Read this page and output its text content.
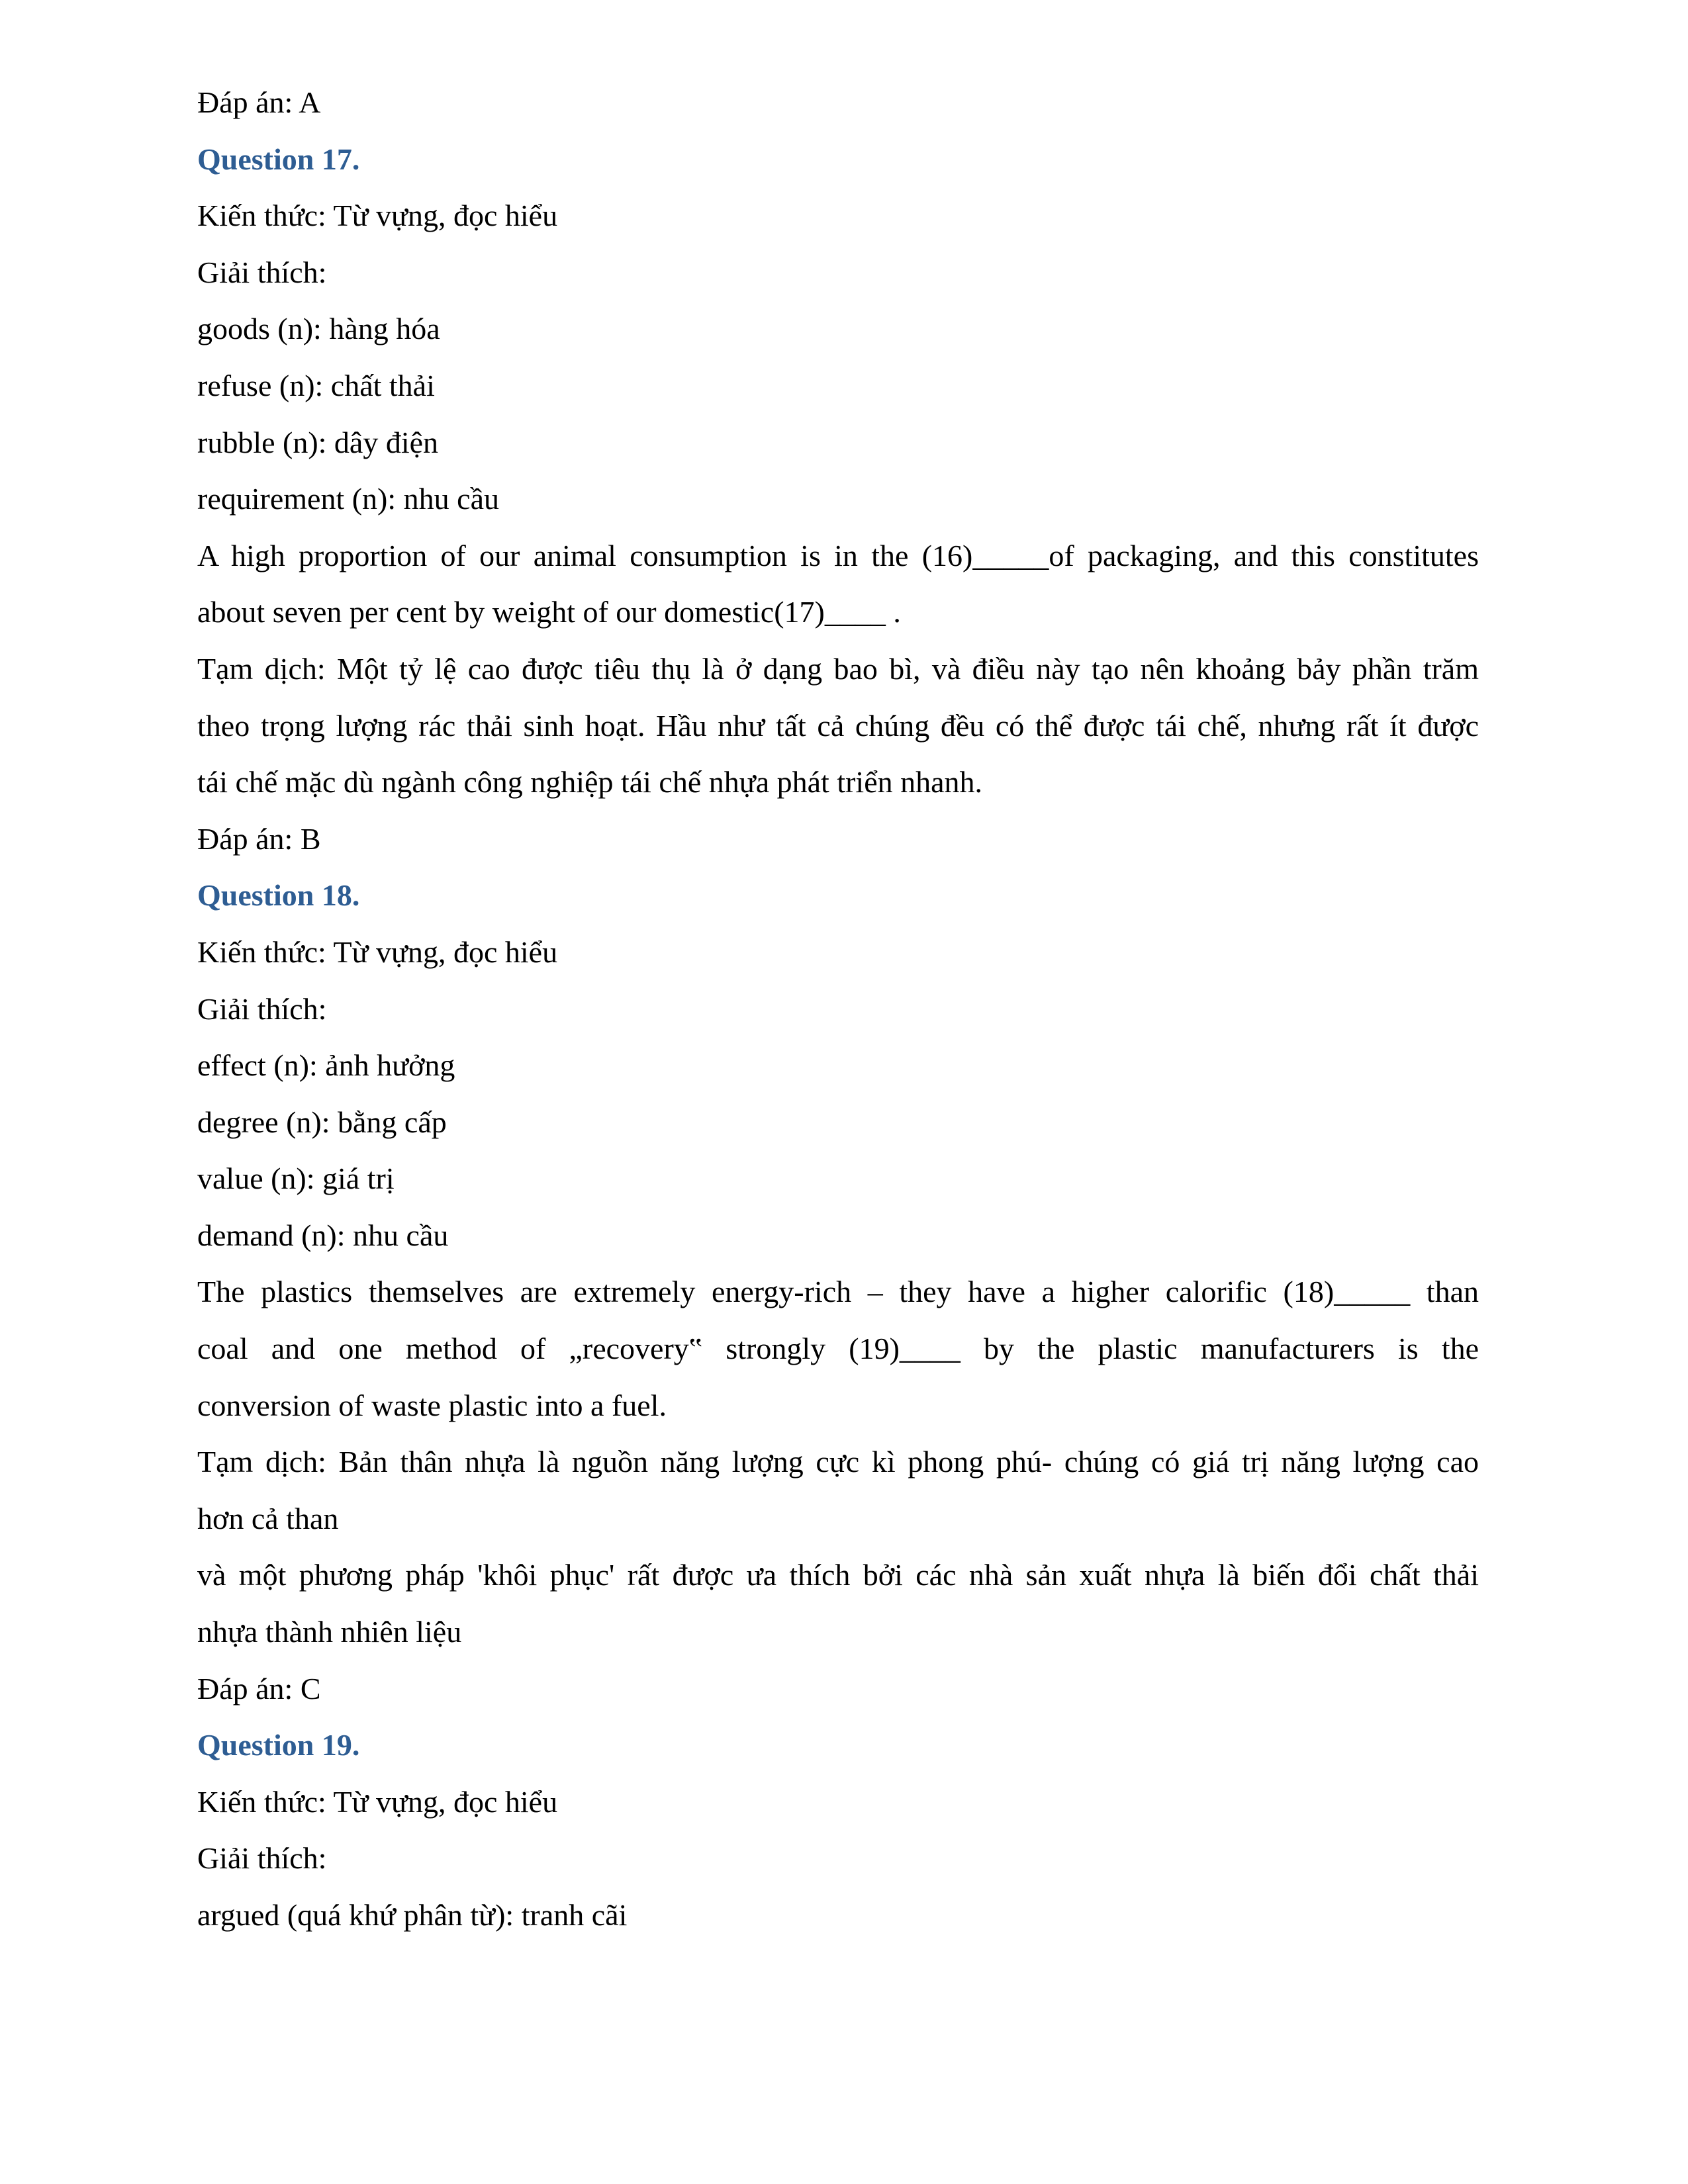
Đáp án: A
Question 17.
Kiến thức: Từ vựng, đọc hiểu
Giải thích:
goods (n): hàng hóa
refuse (n): chất thải
rubble (n): dây điện
requirement (n): nhu cầu
A high proportion of our animal consumption is in the (16)_____of packaging, and this constitutes
about seven per cent by weight of our domestic(17)____ .
Tạm dịch: Một tỷ lệ cao được tiêu thụ là ở dạng bao bì, và điều này tạo nên khoảng bảy phần trăm
theo trọng lượng rác thải sinh hoạt. Hầu như tất cả chúng đều có thể được tái chế, nhưng rất ít được
tái chế mặc dù ngành công nghiệp tái chế nhựa phát triển nhanh.
Đáp án: B
Question 18.
Kiến thức: Từ vựng, đọc hiểu
Giải thích:
effect (n): ảnh hưởng
degree (n): bằng cấp
value (n): giá trị
demand (n): nhu cầu
The plastics themselves are extremely energy-rich – they have a higher calorific (18)_____ than
coal and one method of „recovery‟ strongly (19)____ by the plastic manufacturers is the
conversion of waste plastic into a fuel.
Tạm dịch: Bản thân nhựa là nguồn năng lượng cực kì phong phú- chúng có giá trị năng lượng cao
hơn cả than
và một phương pháp 'khôi phục' rất được ưa thích bởi các nhà sản xuất nhựa là biến đổi chất thải
nhựa thành nhiên liệu
Đáp án: C
Question 19.
Kiến thức: Từ vựng, đọc hiểu
Giải thích:
argued (quá khứ phân từ): tranh cãi
